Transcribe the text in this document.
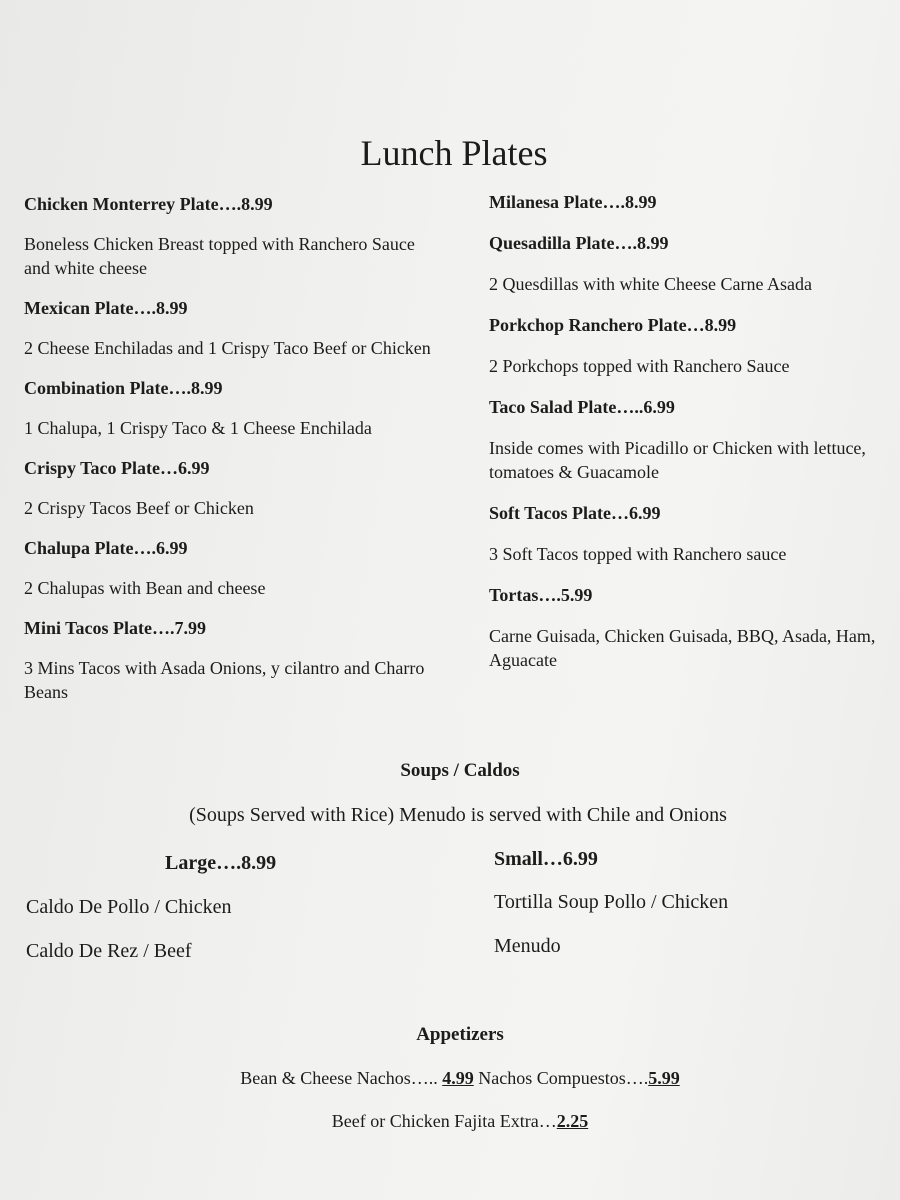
Lunch Plates

Chicken Monterrey Plate….8.99

Boneless Chicken Breast topped with Ranchero Sauce and white cheese

Mexican Plate….8.99

2 Cheese Enchiladas and 1 Crispy Taco Beef or Chicken

Combination Plate….8.99

1 Chalupa, 1 Crispy Taco & 1 Cheese Enchilada

Crispy Taco Plate…6.99

2 Crispy Tacos Beef or Chicken

Chalupa Plate….6.99

2 Chalupas with Bean and cheese

Mini Tacos Plate….7.99

3 Mins Tacos with Asada Onions, y cilantro and Charro Beans

Milanesa Plate….8.99

Quesadilla Plate….8.99

2 Quesdillas with white Cheese Carne Asada

Porkchop Ranchero Plate…8.99

2 Porkchops topped with Ranchero Sauce

Taco Salad Plate…..6.99

Inside comes with Picadillo or Chicken with lettuce, tomatoes & Guacamole

Soft Tacos Plate…6.99

3 Soft Tacos topped with Ranchero sauce

Tortas….5.99

Carne Guisada, Chicken Guisada, BBQ, Asada, Ham, Aguacate

Soups / Caldos

(Soups Served with Rice) Menudo is served with Chile and Onions

Large….8.99

Caldo De Pollo / Chicken

Caldo De Rez / Beef

Small…6.99

Tortilla Soup Pollo / Chicken

Menudo

Appetizers

Bean & Cheese Nachos….. 4.99 Nachos Compuestos….5.99

Beef or Chicken Fajita Extra…2.25
